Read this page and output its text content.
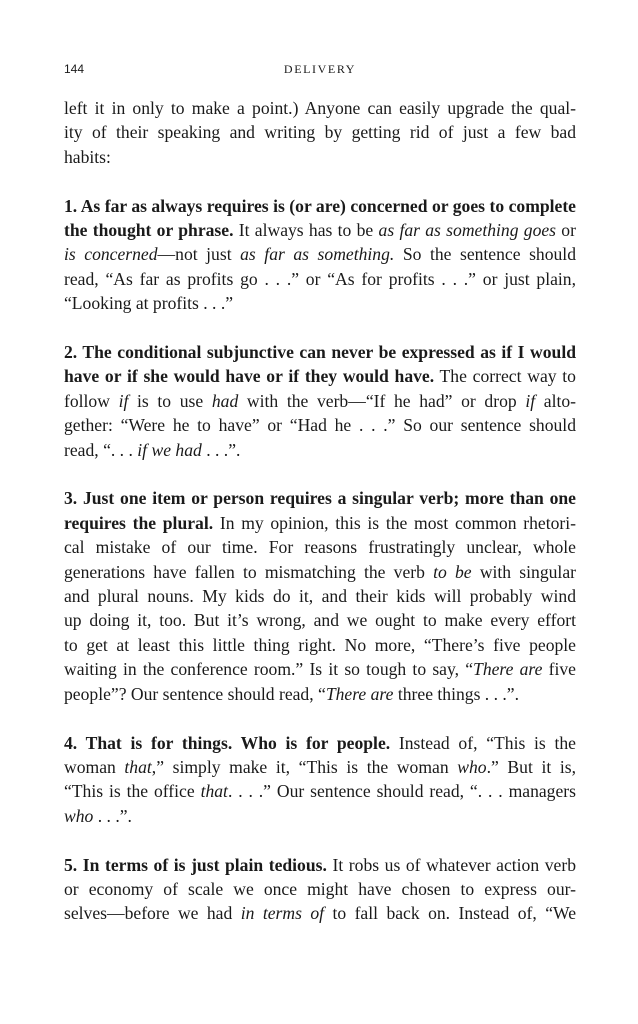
144	DELIVERY

left it in only to make a point.) Anyone can easily upgrade the qual-
ity of their speaking and writing by getting rid of just a few bad
habits:

1. As far as always requires is (or are) concerned or goes to complete
the thought or phrase. It always has to be as far as something goes or
is concerned—not just as far as something. So the sentence should
read, “As far as profits go . . .” or “As for profits . . .” or just plain,
“Looking at profits . . .”

2. The conditional subjunctive can never be expressed as if I would
have or if she would have or if they would have. The correct way to
follow if is to use had with the verb—“If he had” or drop if alto-
gether: “Were he to have” or “Had he . . .” So our sentence should
read, “. . . if we had . . .”.

3. Just one item or person requires a singular verb; more than one
requires the plural. In my opinion, this is the most common rhetori-
cal mistake of our time. For reasons frustratingly unclear, whole
generations have fallen to mismatching the verb to be with singular
and plural nouns. My kids do it, and their kids will probably wind
up doing it, too. But it’s wrong, and we ought to make every effort
to get at least this little thing right. No more, “There’s five people
waiting in the conference room.” Is it so tough to say, “There are five
people”? Our sentence should read, “There are three things . . .”.

4. That is for things. Who is for people. Instead of, “This is the
woman that,” simply make it, “This is the woman who.” But it is,
“This is the office that. . . .” Our sentence should read, “. . . managers
who . . .”.

5. In terms of is just plain tedious. It robs us of whatever action verb
or economy of scale we once might have chosen to express our-
selves—before we had in terms of to fall back on. Instead of, “We
